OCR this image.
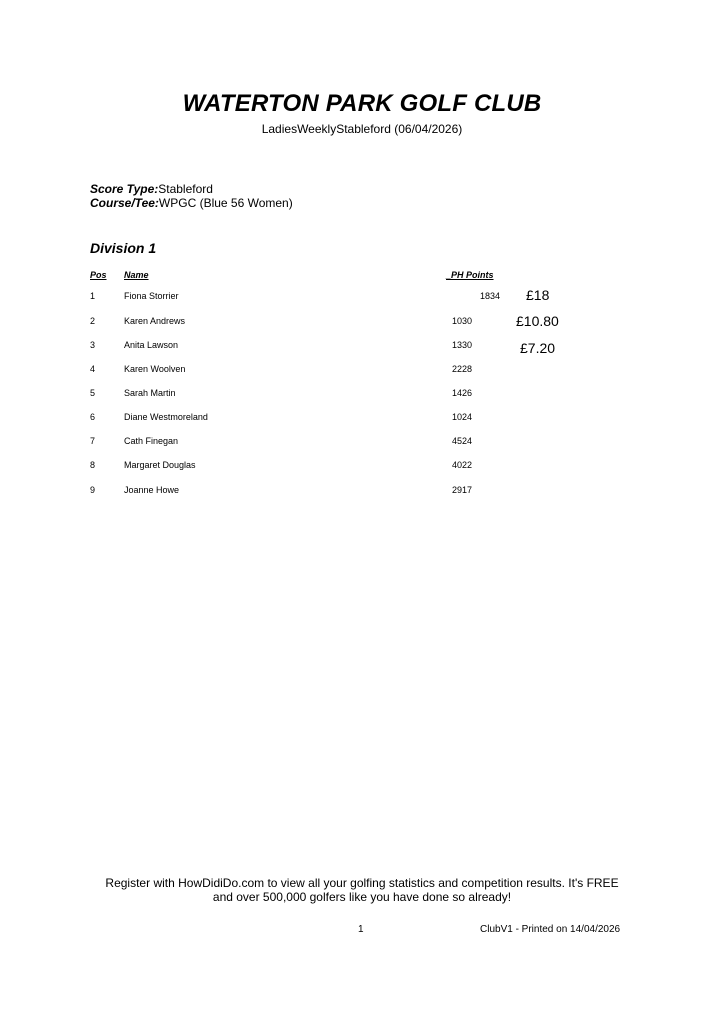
WATERTON PARK GOLF CLUB
LadiesWeeklyStableford (06/04/2026)
Score Type:Stableford
Course/Tee:WPGC (Blue 56 Women)
Division 1
Pos Name	_PH Points
1	Fiona Storrier	1834 £18
2	Karen Andrews	1030	£10.80
3	Anita Lawson	1330	£7.20
4	Karen Woolven	2228
5	Sarah Martin	1426
6	Diane Westmoreland	1024
7	Cath Finegan	4524
8	Margaret Douglas	4022
9	Joanne Howe	2917
Register with HowDidiDo.com to view all your golfing statistics and competition results. It's FREE
and over 500,000 golfers like you have done so already!
1	ClubV1 - Printed on 14/04/2026
